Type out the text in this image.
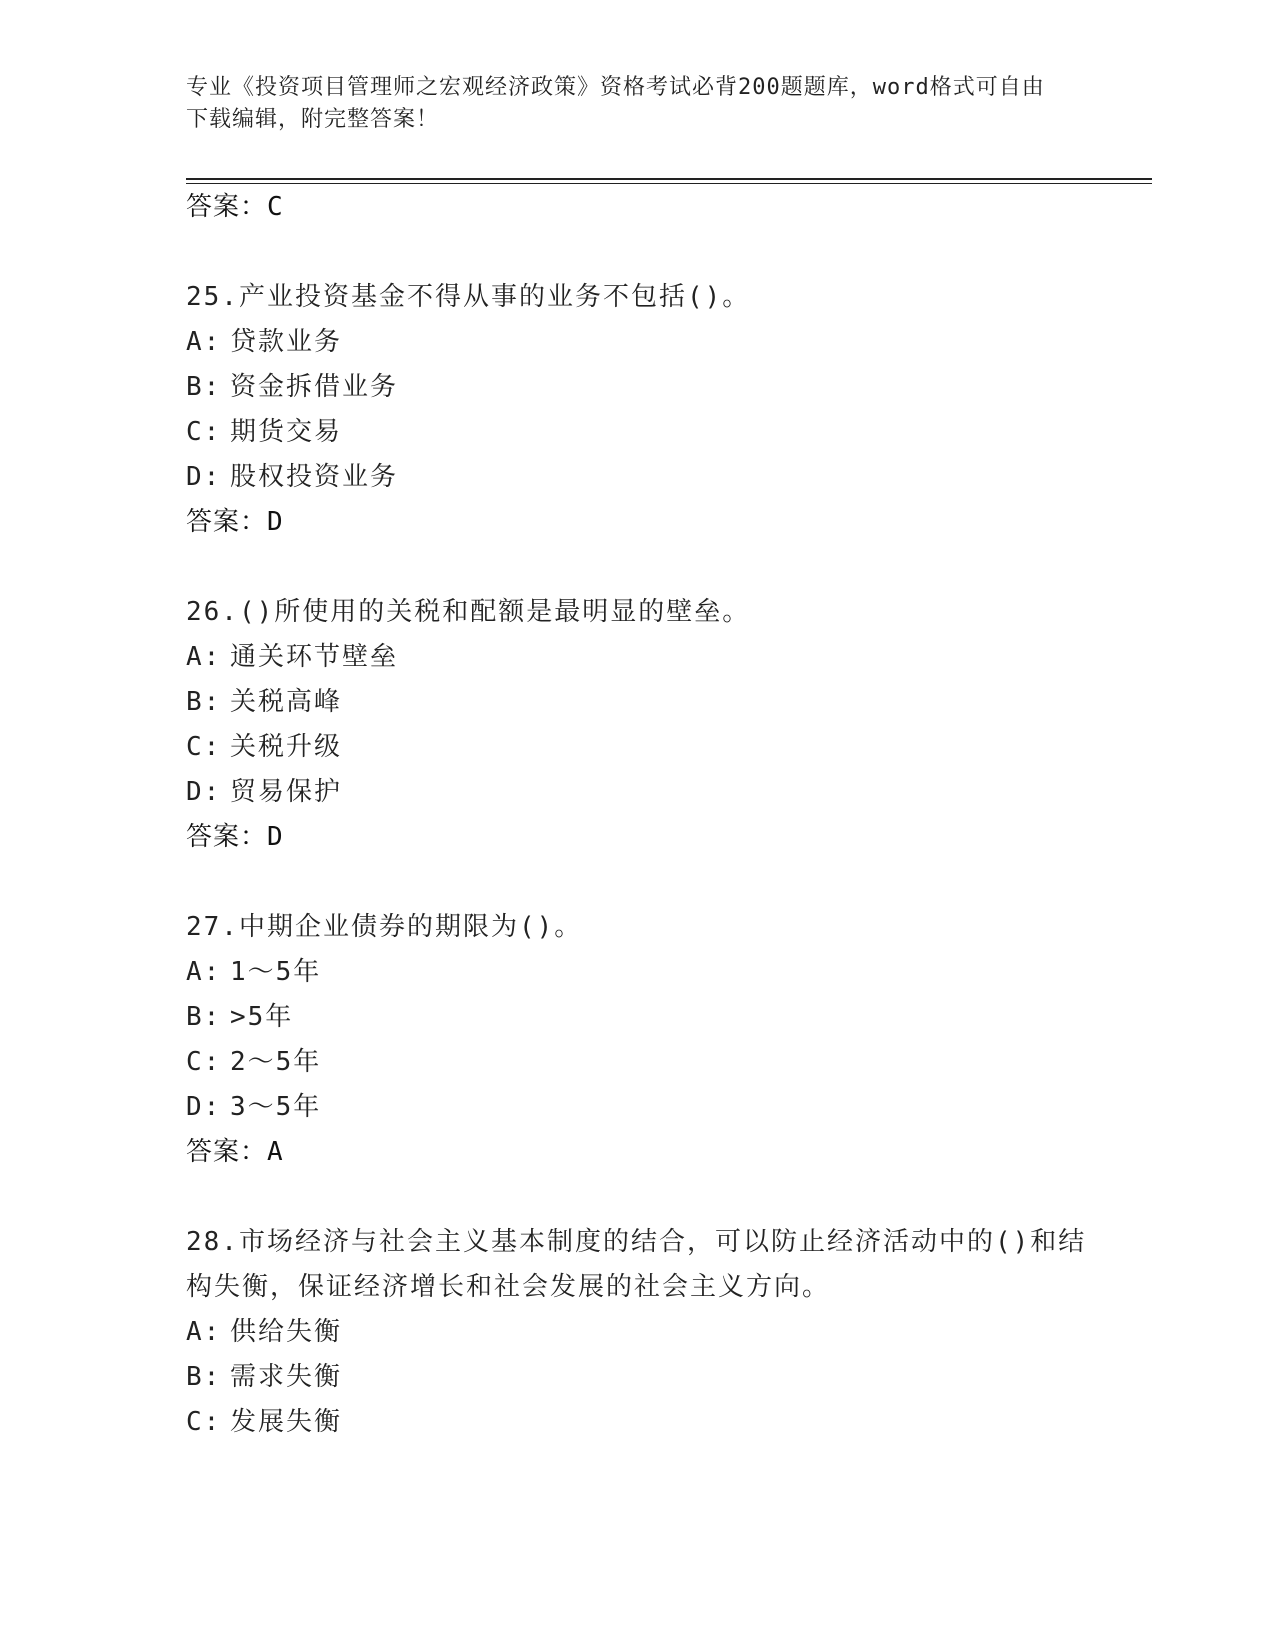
专业《投资项目管理师之宏观经济政策》资格考试必背200题题库，word格式可自由下载编辑，附完整答案！
答案：C
25.产业投资基金不得从事的业务不包括()。
A: 贷款业务
B: 资金拆借业务
C: 期货交易
D: 股权投资业务
答案：D
26.()所使用的关税和配额是最明显的壁垒。
A: 通关环节壁垒
B: 关税高峰
C: 关税升级
D: 贸易保护
答案：D
27.中期企业债券的期限为()。
A: 1～5年
B: >5年
C: 2～5年
D: 3～5年
答案：A
28.市场经济与社会主义基本制度的结合，可以防止经济活动中的()和结构失衡，保证经济增长和社会发展的社会主义方向。
A: 供给失衡
B: 需求失衡
C: 发展失衡
